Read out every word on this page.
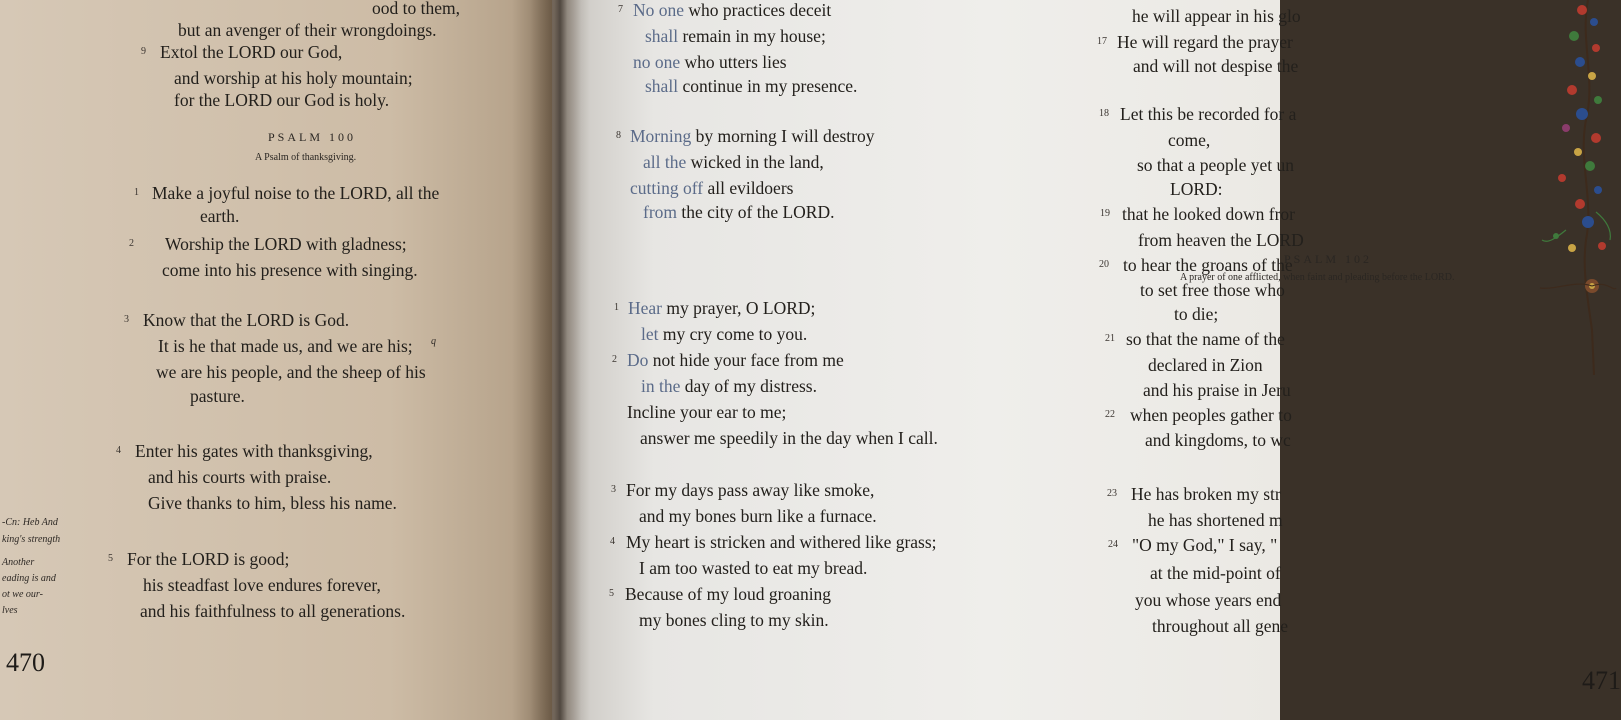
ood to them,
but an avenger of their wrongdoings.
9 Extol the LORD our God,
and worship at his holy mountain;
for the LORD our God is holy.
1 Make a joyful noise to the LORD, all the
earth.
2 Worship the LORD with gladness;
come into his presence with singing.
3 Know that the LORD is God.
It is he that made us, and we are his;
we are his people, and the sheep of his
pasture.
4 Enter his gates with thanksgiving,
and his courts with praise.
Give thanks to him, bless his name.
5 For the LORD is good;
his steadfast love endures forever,
and his faithfulness to all generations.
q
PSALM 100
A Psalm of thanksgiving.
-Cn: Heb And
king's strength
Another
eading is and
ot we our-
lves
470
7 No one who practices deceit
shall remain in my house;
no one who utters lies
shall continue in my presence.
8 Morning by morning I will destroy
all the wicked in the land,
cutting off all evildoers
from the city of the LORD.
PSALM 102
A prayer of one afflicted, when faint and pleading before the LORD.
1 Hear my prayer, O LORD;
let my cry come to you.
2 Do not hide your face from me
in the day of my distress.
Incline your ear to me;
answer me speedily in the day when I call.
3 For my days pass away like smoke,
and my bones burn like a furnace.
4 My heart is stricken and withered like grass;
I am too wasted to eat my bread.
5 Because of my loud groaning
my bones cling to my skin.
471
he will appear in his glo
17 He will regard the prayer
and will not despise the
18 Let this be recorded for a
come,
so that a people yet un
LORD:
19 that he looked down fror
from heaven the LORD
20 to hear the groans of the
to set free those who
to die;
21 so that the name of the
declared in Zion
and his praise in Jeru
22 when peoples gather to
and kingdoms, to wc
23 He has broken my str
he has shortened m
24 "O my God," I say, "
at the mid-point of
you whose years end
throughout all gene
